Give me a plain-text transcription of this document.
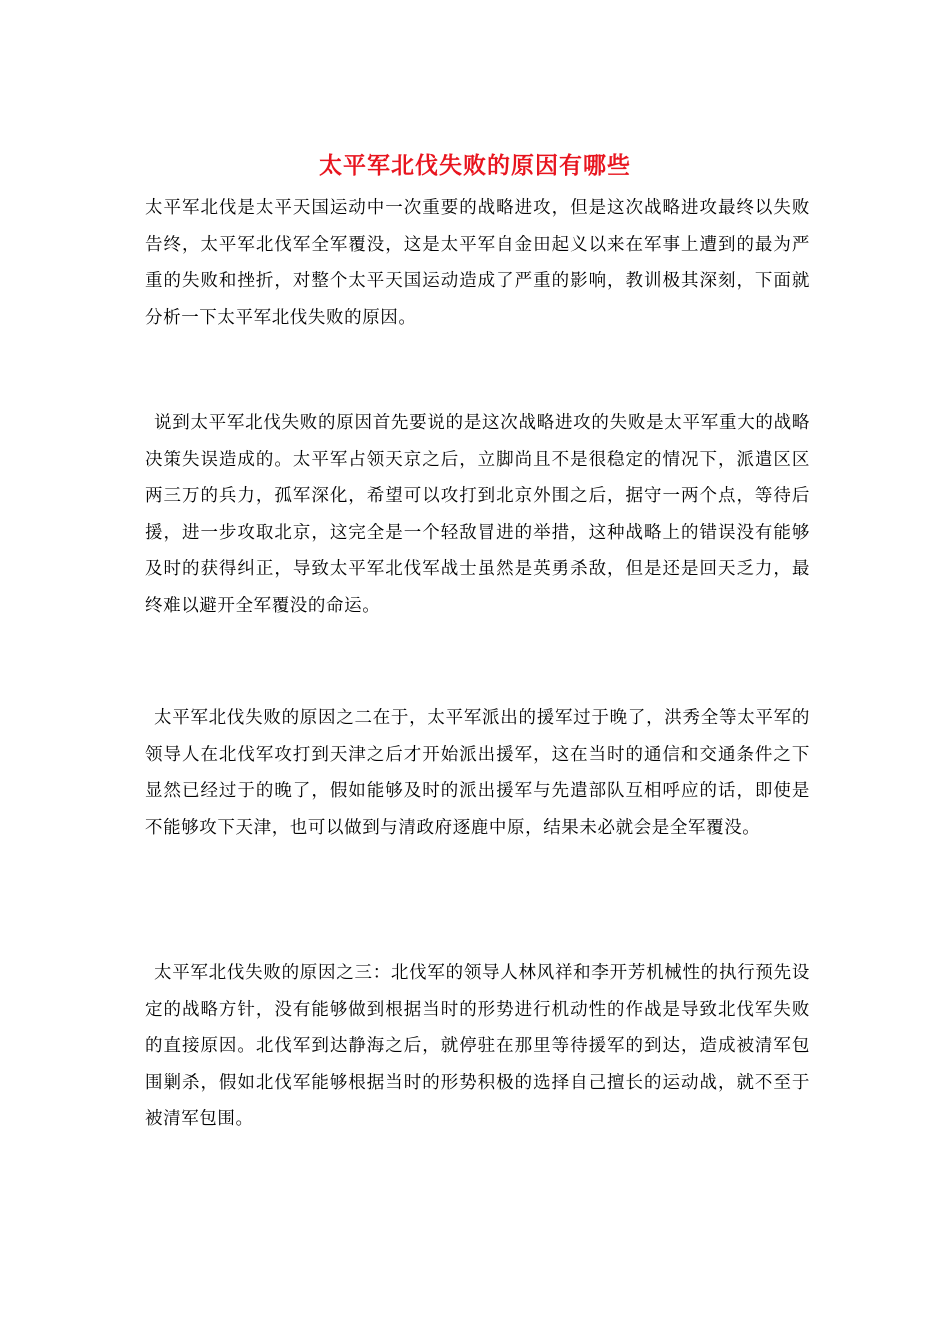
太平军北伐失败的原因有哪些

太平军北伐是太平天国运动中一次重要的战略进攻，但是这次战略进攻最终以失败告终，太平军北伐军全军覆没，这是太平军自金田起义以来在军事上遭到的最为严重的失败和挫折，对整个太平天国运动造成了严重的影响，教训极其深刻，下面就分析一下太平军北伐失败的原因。

说到太平军北伐失败的原因首先要说的是这次战略进攻的失败是太平军重大的战略决策失误造成的。太平军占领天京之后，立脚尚且不是很稳定的情况下，派遣区区两三万的兵力，孤军深化，希望可以攻打到北京外围之后，据守一两个点，等待后援，进一步攻取北京，这完全是一个轻敌冒进的举措，这种战略上的错误没有能够及时的获得纠正，导致太平军北伐军战士虽然是英勇杀敌，但是还是回天乏力，最终难以避开全军覆没的命运。

太平军北伐失败的原因之二在于，太平军派出的援军过于晚了，洪秀全等太平军的领导人在北伐军攻打到天津之后才开始派出援军，这在当时的通信和交通条件之下显然已经过于的晚了，假如能够及时的派出援军与先遣部队互相呼应的话，即使是不能够攻下天津，也可以做到与清政府逐鹿中原，结果未必就会是全军覆没。

太平军北伐失败的原因之三：北伐军的领导人林风祥和李开芳机械性的执行预先设定的战略方针，没有能够做到根据当时的形势进行机动性的作战是导致北伐军失败的直接原因。北伐军到达静海之后，就停驻在那里等待援军的到达，造成被清军包围剿杀，假如北伐军能够根据当时的形势积极的选择自己擅长的运动战，就不至于被清军包围。
